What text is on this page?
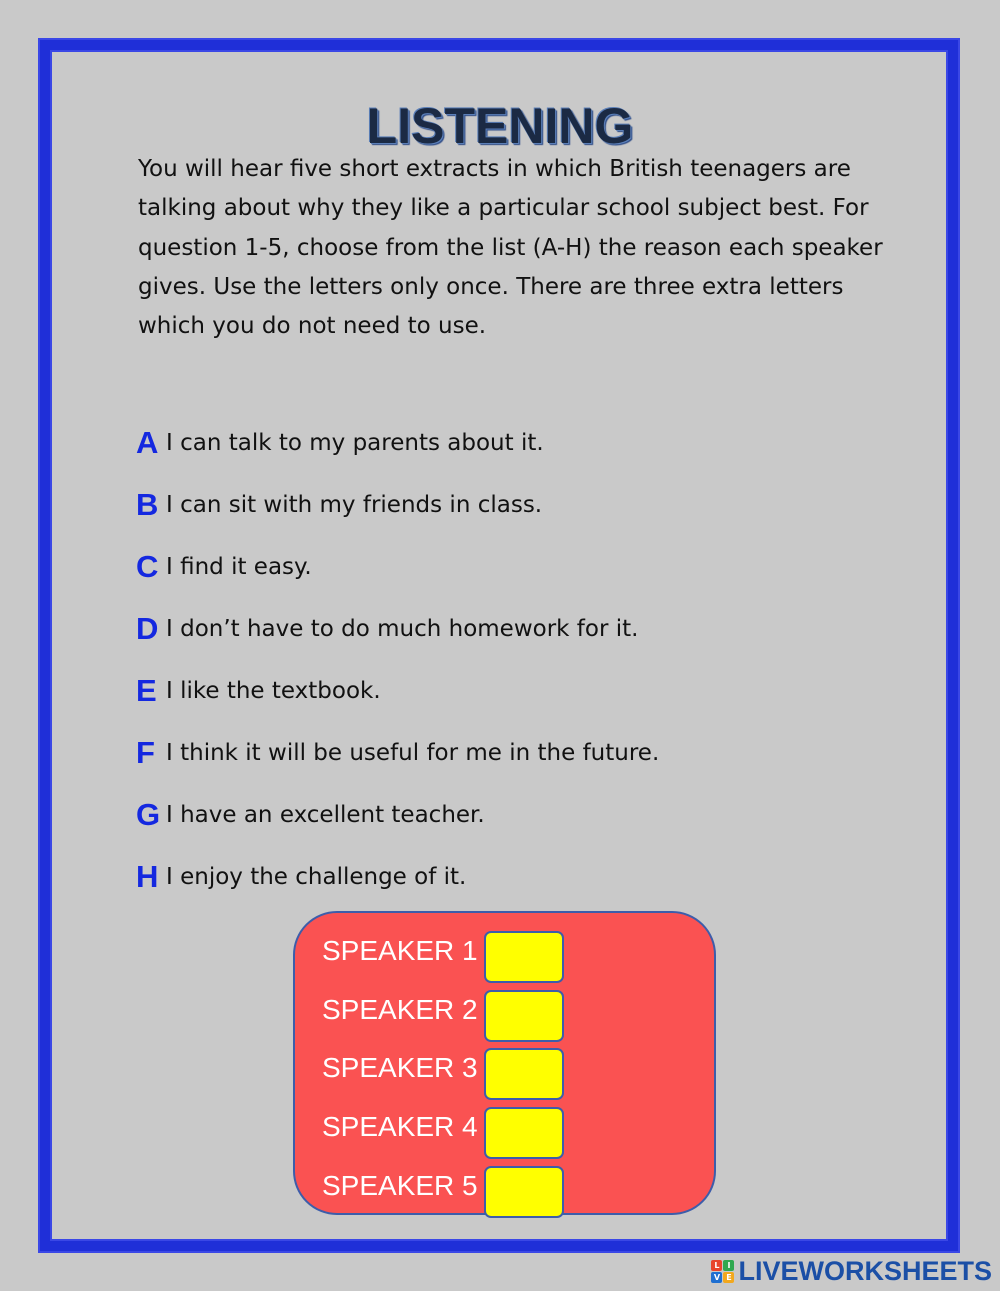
LISTENING

You will hear five short extracts in which British teenagers are talking about why they like a particular school subject best. For question 1-5, choose from the list (A-H) the reason each speaker gives. Use the letters only once. There are three extra letters which you do not need to use.

A I can talk to my parents about it.
B I can sit with my friends in class.
C I find it easy.
D I don’t have to do much homework for it.
E I like the textbook.
F I think it will be useful for me in the future.
G I have an excellent teacher.
H I enjoy the challenge of it.
SPEAKER 1
SPEAKER 2
SPEAKER 3
SPEAKER 4
SPEAKER 5
L I
V E LIVEWORKSHEETS
